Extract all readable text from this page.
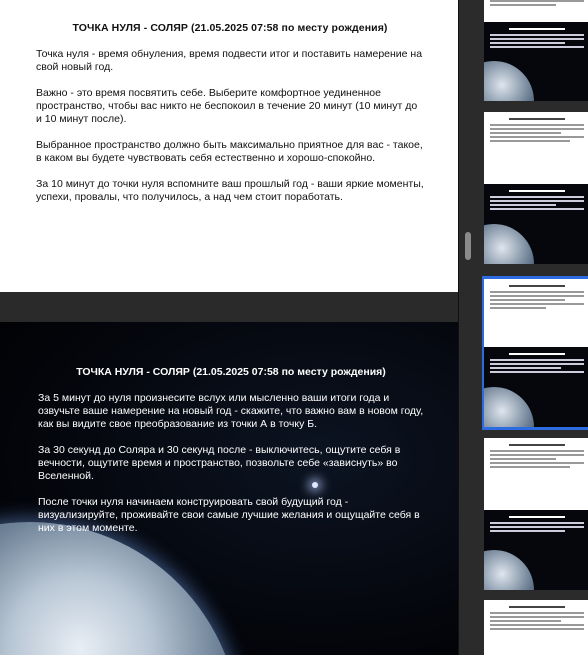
ТОЧКА НУЛЯ - СОЛЯР (21.05.2025 07:58 по месту рождения)

Точка нуля - время обнуления, время подвести итог и поставить намерение на свой новый год.

Важно - это время посвятить себе. Выберите комфортное уединенное пространство, чтобы вас никто не беспокоил в течение 20 минут (10 минут до и 10 минут после).

Выбранное пространство должно быть максимально приятное для вас - такое, в каком вы будете чувствовать себя естественно и хорошо-спокойно.

За 10 минут до точки нуля вспомните ваш прошлый год - ваши яркие моменты, успехи, провалы, что получилось, а над чем стоит поработать.

ТОЧКА НУЛЯ - СОЛЯР (21.05.2025 07:58 по месту рождения)

За 5 минут до нуля произнесите вслух или мысленно ваши итоги года и озвучьте ваше намерение на новый год - скажите, что важно вам в новом году, как вы видите свое преобразование из точки А в точку Б.

За 30 секунд до Соляра и 30 секунд после - выключитесь, ощутите себя в вечности, ощутите время и пространство, позвольте себе «зависнуть» во Вселенной.

После точки нуля начинаем конструировать свой будущий год - визуализируйте, проживайте свои самые лучшие желания и ощущайте себя в них в этом моменте.
